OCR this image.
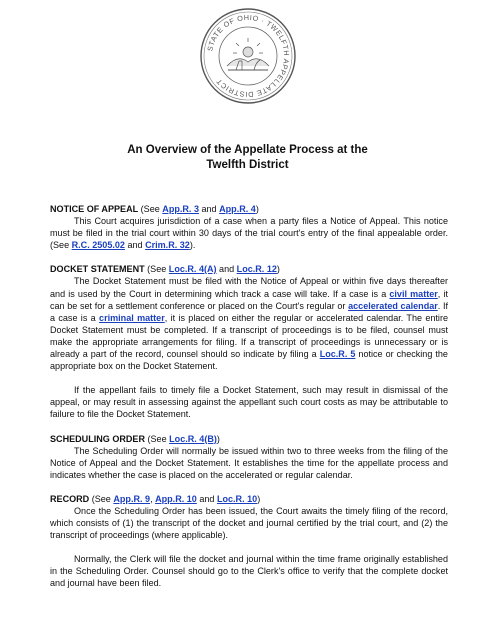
STATE OF OHIO · TWELFTH APPELLATE DISTRICT
An Overview of the Appellate Process at the
Twelfth District

NOTICE OF APPEAL (See App.R. 3 and App.R. 4)

This Court acquires jurisdiction of a case when a party files a Notice of Appeal. This notice must be filed in the trial court within 30 days of the trial court's entry of the final appealable order. (See R.C. 2505.02 and Crim.R. 32).

DOCKET STATEMENT (See Loc.R. 4(A) and Loc.R. 12)

The Docket Statement must be filed with the Notice of Appeal or within five days thereafter and is used by the Court in determining which track a case will take. If a case is a civil matter, it can be set for a settlement conference or placed on the Court's regular or accelerated calendar. If a case is a criminal matter, it is placed on either the regular or accelerated calendar. The entire Docket Statement must be completed. If a transcript of proceedings is to be filed, counsel must make the appropriate arrangements for filing. If a transcript of proceedings is unnecessary or is already a part of the record, counsel should so indicate by filing a Loc.R. 5 notice or checking the appropriate box on the Docket Statement.

If the appellant fails to timely file a Docket Statement, such may result in dismissal of the appeal, or may result in assessing against the appellant such court costs as may be attributable to failure to file the Docket Statement.

SCHEDULING ORDER (See Loc.R. 4(B))

The Scheduling Order will normally be issued within two to three weeks from the filing of the Notice of Appeal and the Docket Statement. It establishes the time for the appellate process and indicates whether the case is placed on the accelerated or regular calendar.

RECORD (See App.R. 9, App.R. 10 and Loc.R. 10)

Once the Scheduling Order has been issued, the Court awaits the timely filing of the record, which consists of (1) the transcript of the docket and journal certified by the trial court, and (2) the transcript of proceedings (where applicable).

Normally, the Clerk will file the docket and journal within the time frame originally established in the Scheduling Order. Counsel should go to the Clerk's office to verify that the complete docket and journal have been filed.
